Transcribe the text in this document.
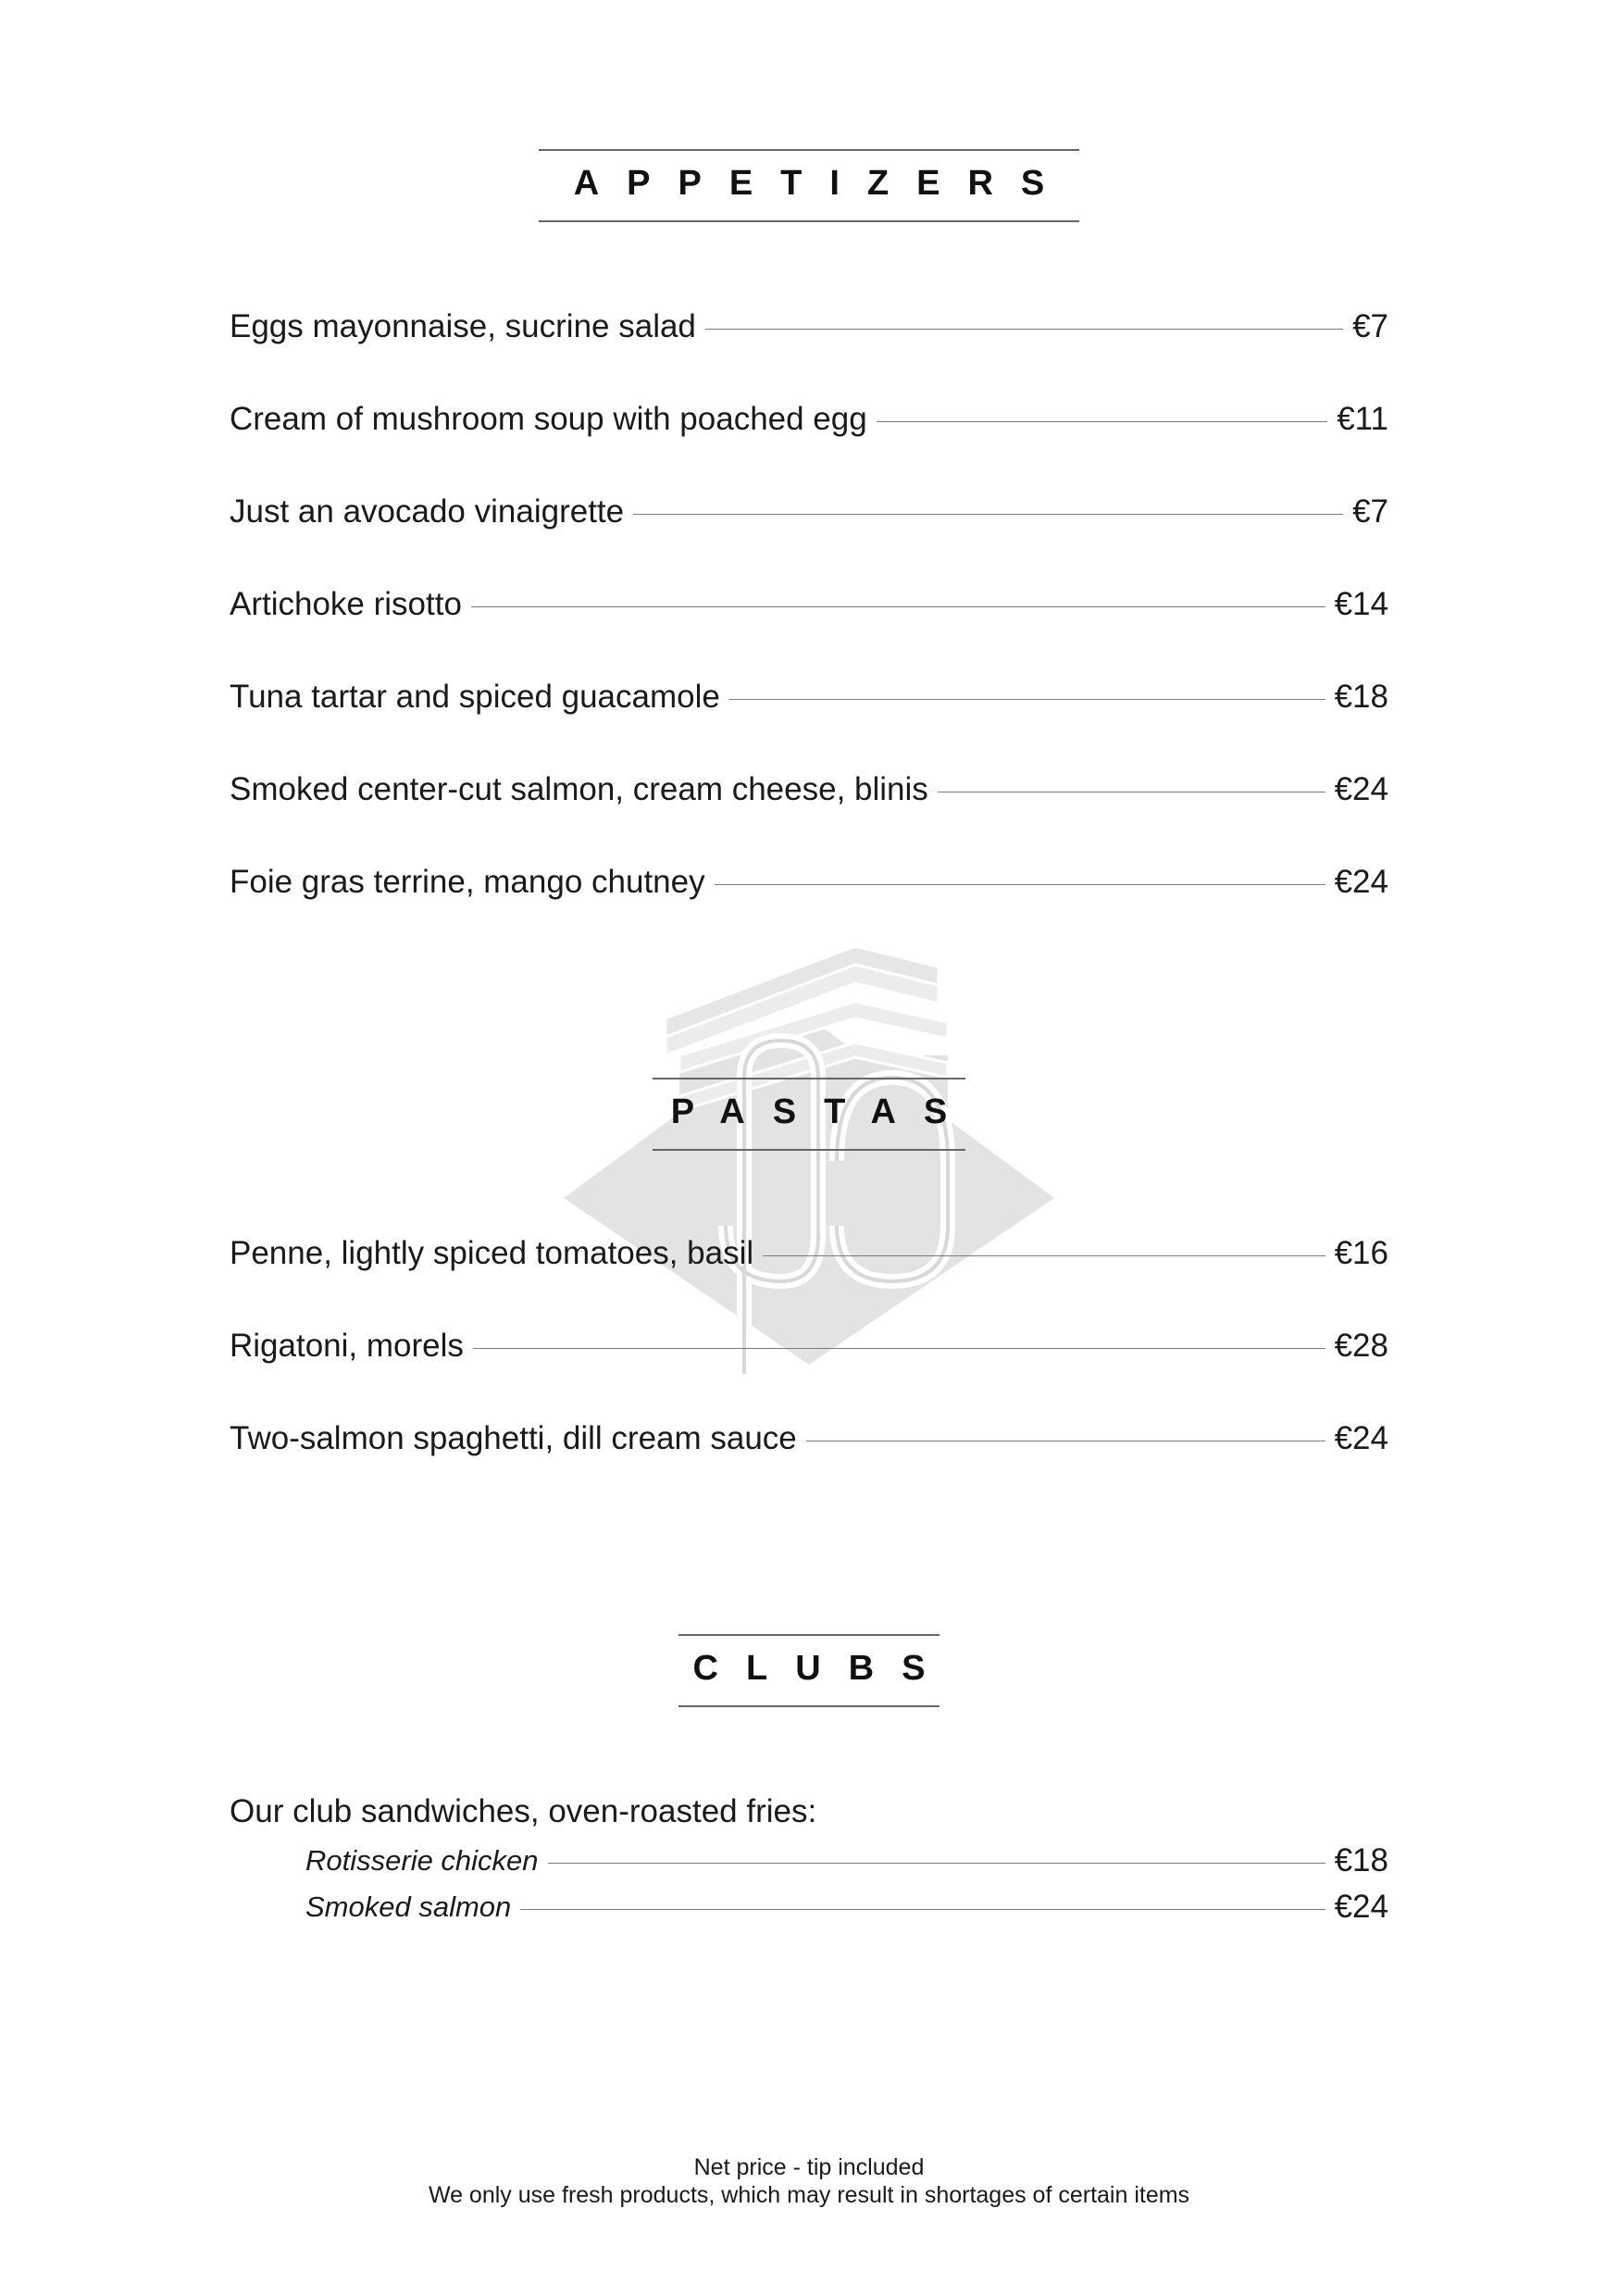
APPETIZERS
Eggs mayonnaise, sucrine salad	€7
Cream of mushroom soup with poached egg	€11
Just an avocado vinaigrette	€7
Artichoke risotto	€14
Tuna tartar and spiced guacamole	€18
Smoked center-cut salmon, cream cheese, blinis	€24
Foie gras terrine, mango chutney	€24
PASTAS
Penne, lightly spiced tomatoes, basil	€16
Rigatoni, morels	€28
Two-salmon spaghetti, dill cream sauce	€24
CLUBS
Our club sandwiches, oven-roasted fries:
Rotisserie chicken	€18
Smoked salmon	€24
Net price - tip included
We only use fresh products, which may result in shortages of certain items
